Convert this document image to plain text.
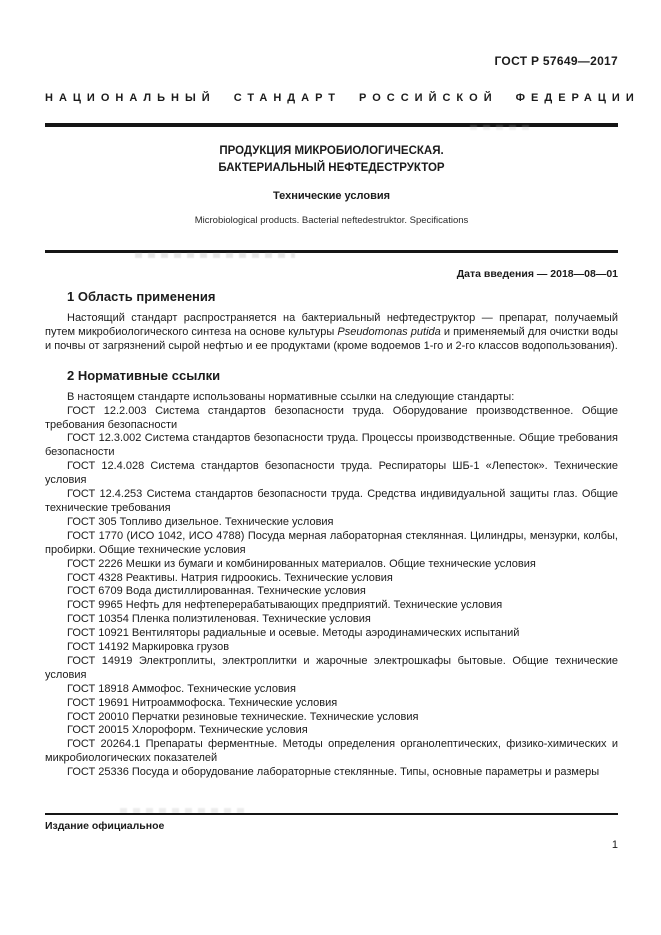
ГОСТ Р 57649—2017
НАЦИОНАЛЬНЫЙ СТАНДАРТ РОССИЙСКОЙ ФЕДЕРАЦИИ
ПРОДУКЦИЯ МИКРОБИОЛОГИЧЕСКАЯ.
БАКТЕРИАЛЬНЫЙ НЕФТЕДЕСТРУКТОР
Технические условия
Microbiological products. Bacterial neftedestruktor. Specifications
Дата введения — 2018—08—01
1 Область применения

Настоящий стандарт распространяется на бактериальный нефтедеструктор — препарат, получаемый путем микробиологического синтеза на основе культуры Pseudomonas putida и применяемый для очистки воды и почвы от загрязнений сырой нефтью и ее продуктами (кроме водоемов 1-го и 2-го классов водопользования).

2 Нормативные ссылки

В настоящем стандарте использованы нормативные ссылки на следующие стандарты:

ГОСТ 12.2.003 Система стандартов безопасности труда. Оборудование производственное. Общие требования безопасности

ГОСТ 12.3.002 Система стандартов безопасности труда. Процессы производственные. Общие требования безопасности

ГОСТ 12.4.028 Система стандартов безопасности труда. Респираторы ШБ-1 «Лепесток». Технические условия

ГОСТ 12.4.253 Система стандартов безопасности труда. Средства индивидуальной защиты глаз. Общие технические требования

ГОСТ 305 Топливо дизельное. Технические условия

ГОСТ 1770 (ИСО 1042, ИСО 4788) Посуда мерная лабораторная стеклянная. Цилиндры, мензурки, колбы, пробирки. Общие технические условия

ГОСТ 2226 Мешки из бумаги и комбинированных материалов. Общие технические условия

ГОСТ 4328 Реактивы. Натрия гидроокись. Технические условия

ГОСТ 6709 Вода дистиллированная. Технические условия

ГОСТ 9965 Нефть для нефтеперерабатывающих предприятий. Технические условия

ГОСТ 10354 Пленка полиэтиленовая. Технические условия

ГОСТ 10921 Вентиляторы радиальные и осевые. Методы аэродинамических испытаний

ГОСТ 14192 Маркировка грузов

ГОСТ 14919 Электроплиты, электроплитки и жарочные электрошкафы бытовые. Общие технические условия

ГОСТ 18918 Аммофос. Технические условия

ГОСТ 19691 Нитроаммофоска. Технические условия

ГОСТ 20010 Перчатки резиновые технические. Технические условия

ГОСТ 20015 Хлороформ. Технические условия

ГОСТ 20264.1 Препараты ферментные. Методы определения органолептических, физико-химических и микробиологических показателей

ГОСТ 25336 Посуда и оборудование лабораторные стеклянные. Типы, основные параметры и размеры

Издание официальное
1
